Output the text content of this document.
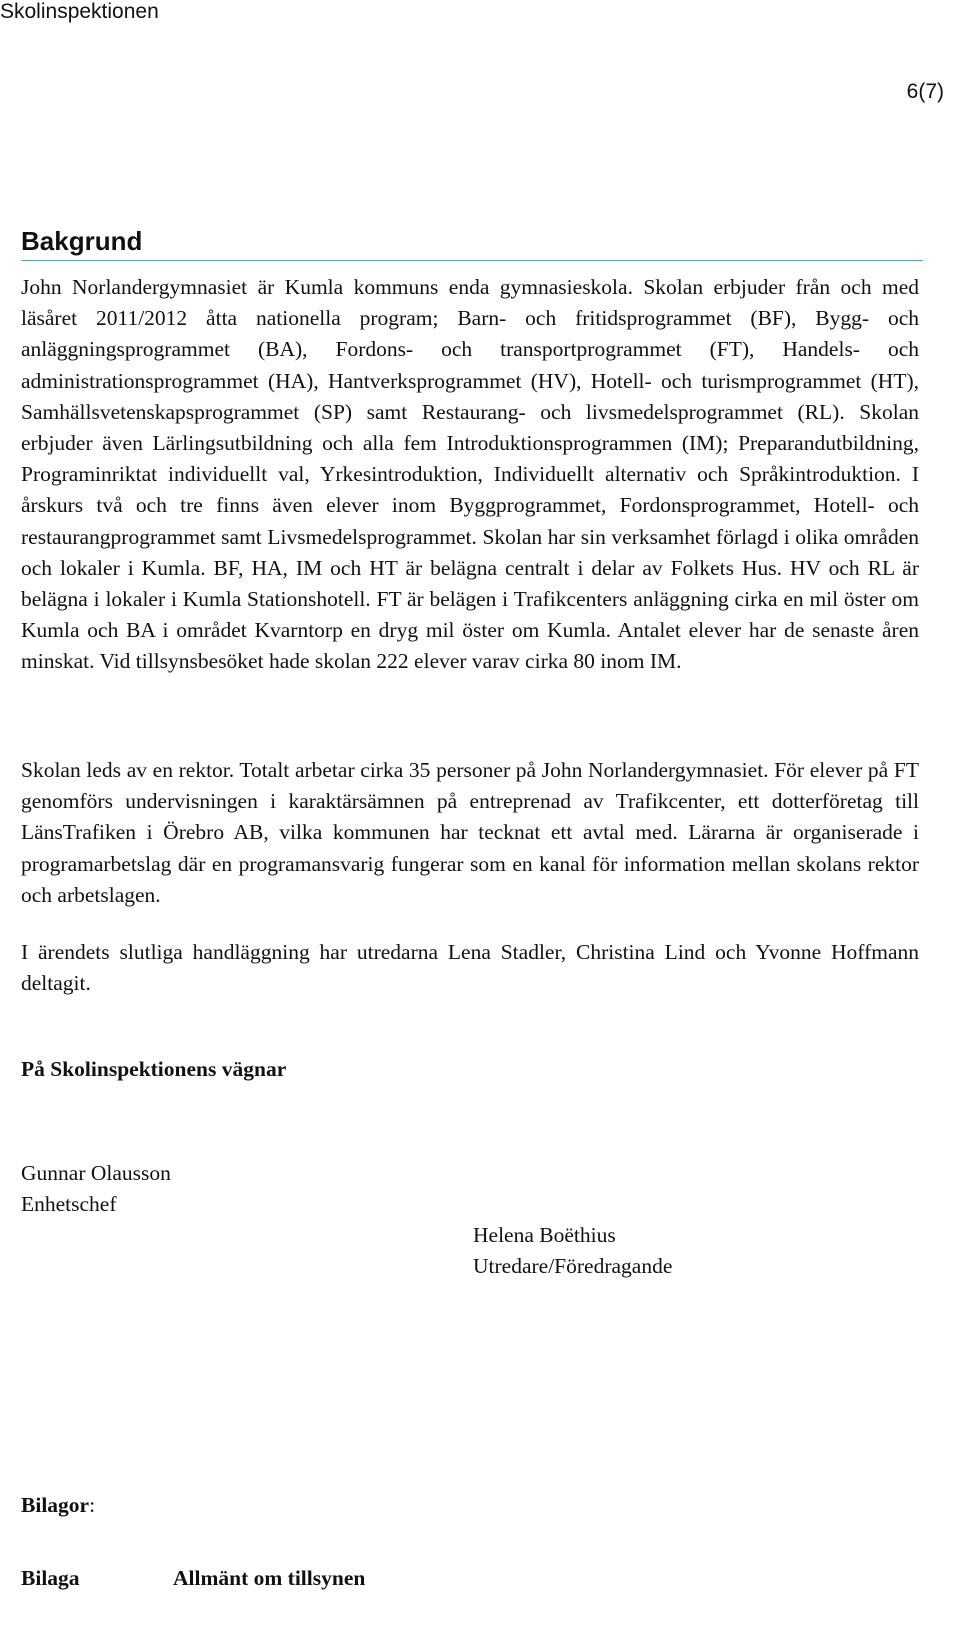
Skolinspektionen
6(7)
Bakgrund

John Norlandergymnasiet är Kumla kommuns enda gymnasieskola. Skolan erbjuder från och med läsåret 2011/2012 åtta nationella program; Barn- och fritidsprogrammet (BF), Bygg- och anläggningsprogrammet (BA), Fordons- och transportprogrammet (FT), Handels- och administrationsprogrammet (HA), Hantverksprogrammet (HV), Hotell- och turismprogrammet (HT), Samhällsvetenskapsprogrammet (SP) samt Restaurang- och livsmedelsprogrammet (RL). Skolan erbjuder även Lärlingsutbildning och alla fem Introduktionsprogrammen (IM); Preparandutbildning, Programinriktat individuellt val, Yrkesintroduktion, Individuellt alternativ och Språkintroduktion. I årskurs två och tre finns även elever inom Byggprogrammet, Fordonsprogrammet, Hotell- och restaurangprogrammet samt Livsmedelsprogrammet. Skolan har sin verksamhet förlagd i olika områden och lokaler i Kumla. BF, HA, IM och HT är belägna centralt i delar av Folkets Hus. HV och RL är belägna i lokaler i Kumla Stationshotell. FT är belägen i Trafikcenters anläggning cirka en mil öster om Kumla och BA i området Kvarntorp en dryg mil öster om Kumla. Antalet elever har de senaste åren minskat. Vid tillsynsbesöket hade skolan 222 elever varav cirka 80 inom IM.

Skolan leds av en rektor. Totalt arbetar cirka 35 personer på John Norlandergymnasiet. För elever på FT genomförs undervisningen i karaktärsämnen på entreprenad av Trafikcenter, ett dotterföretag till LänsTrafiken i Örebro AB, vilka kommunen har tecknat ett avtal med. Lärarna är organiserade i programarbetslag där en programansvarig fungerar som en kanal för information mellan skolans rektor och arbetslagen.

I ärendets slutliga handläggning har utredarna Lena Stadler, Christina Lind och Yvonne Hoffmann deltagit.

På Skolinspektionens vägnar
Gunnar Olausson
Enhetschef
Helena Boëthius
Utredare/Föredragande
Bilagor:
Bilaga	Allmänt om tillsynen
